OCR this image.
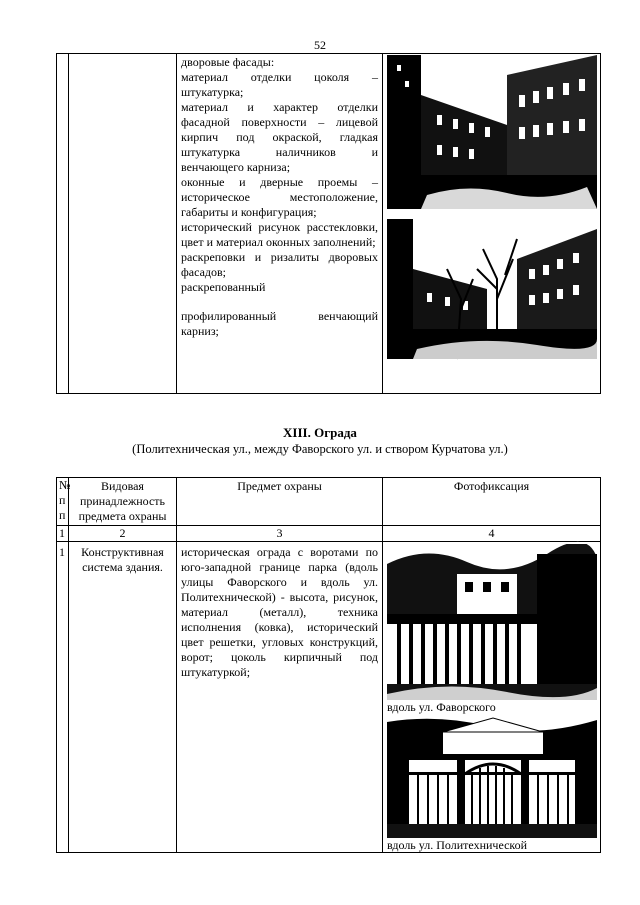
52

дворовые фасады:
материал отделки цоколя – штукатурка;
материал и характер отделки фасадной поверхности – лицевой кирпич под окраской, гладкая штукатурка наличников и венчающего карниза;
оконные и дверные проемы – историческое местоположение, габариты и конфигурация;
исторический рисунок расстекловки, цвет и материал оконных заполнений;
раскреповки и ризалиты дворовых фасадов;
раскрепованный
профилированный венчающий карниз;

XIII. Ограда
(Политехническая ул., между Фаворского ул. и створом Курчатова ул.)
№
п
п	Видовая принадлежность предмета охраны	Предмет охраны	Фотофиксация

1	2	3	4

1	Конструктивная система здания.	историческая ограда с воротами по юго-западной границе парка (вдоль улицы Фаворского и вдоль ул. Политехнической) - высота, рисунок, материал (металл), техника исполнения (ковка), исторический цвет решетки, угловых конструкций, ворот; цоколь кирпичный под штукатуркой;	вдоль ул. Фаворского
вдоль ул. Политехнической
